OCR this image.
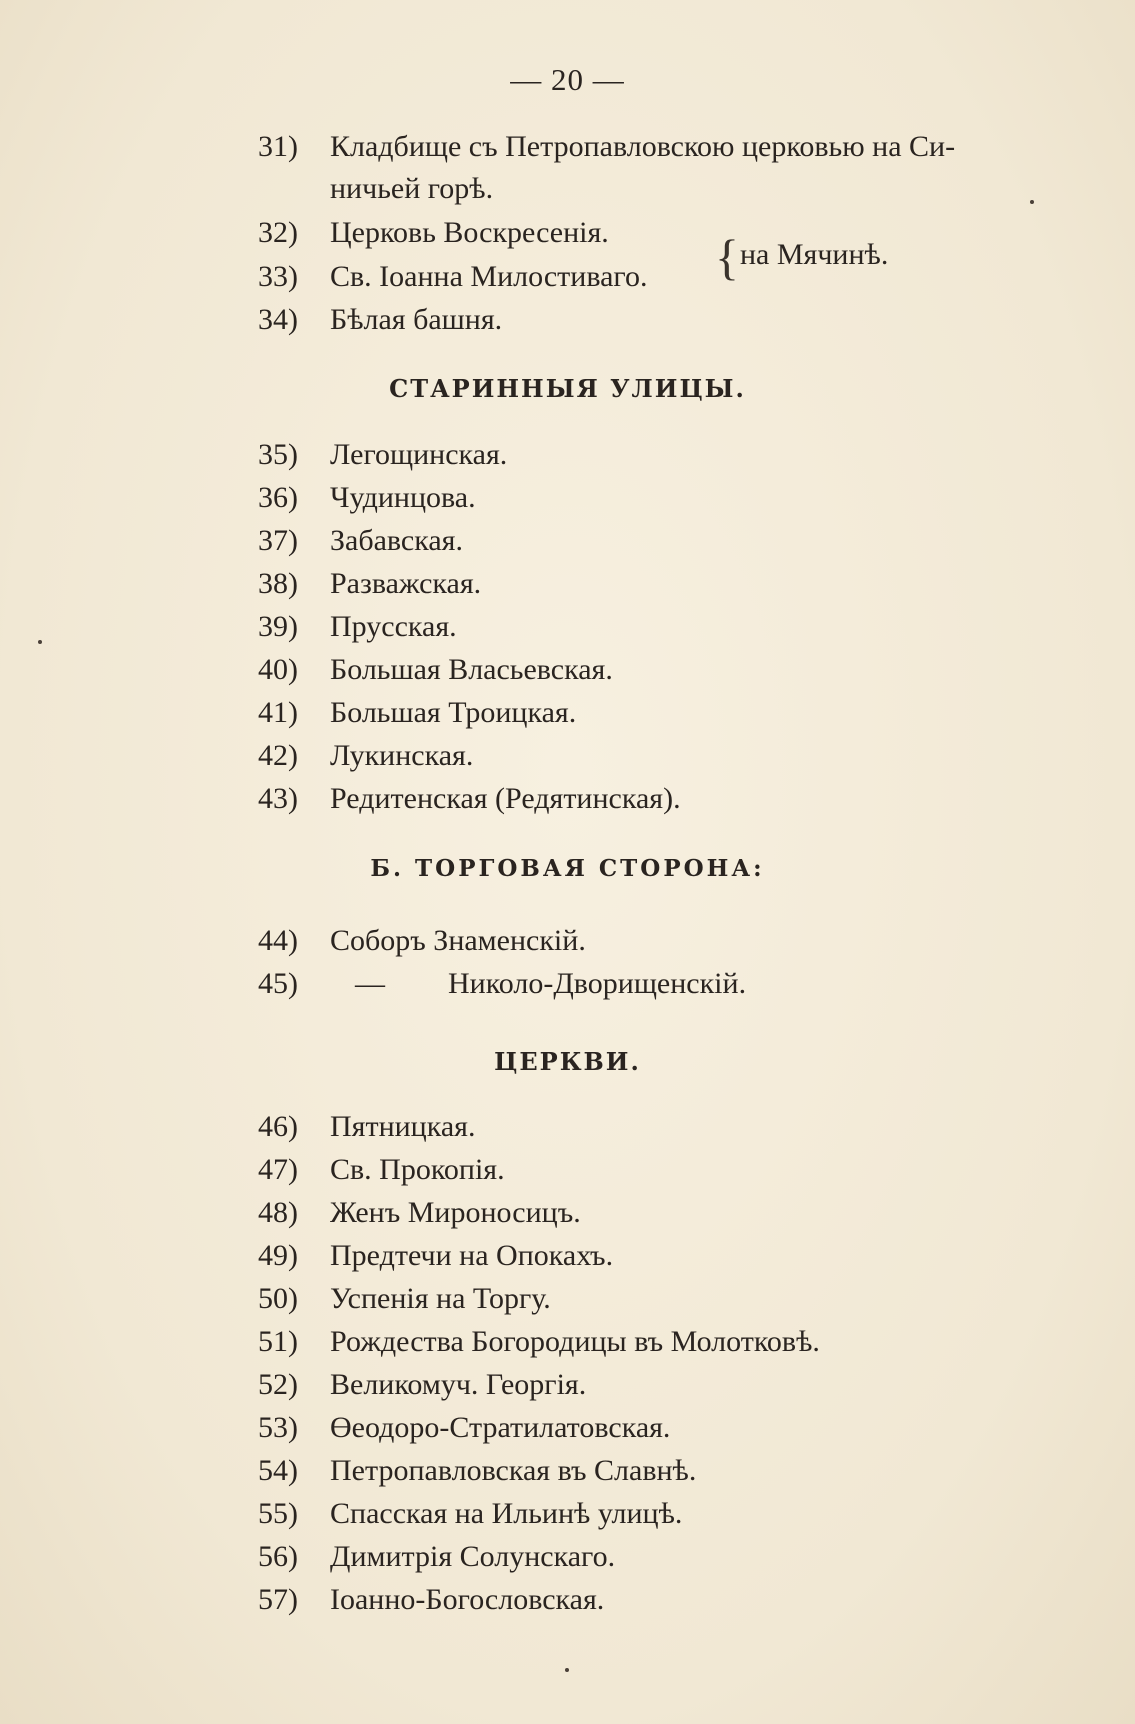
— 20 —
31)	Кладбище съ Петропавловскою церковью на Си-
ничьей горѣ.
32)	Церковь Воскресенія.
33)	Св. Іоанна Милостиваго. { на Мячинѣ.
34)	Бѣлая башня.
СТАРИННЫЯ УЛИЦЫ.
35)	Легощинская.
36)	Чудинцова.
37)	Забавская.
38)	Разважская.
39)	Прусская.
40)	Большая Власьевская.
41)	Большая Троицкая.
42)	Лукинская.
43)	Редитенская (Редятинская).
Б. ТОРГОВАЯ СТОРОНА:
44)	Соборъ Знаменскій.
45)	— Николо-Дворищенскій.
ЦЕРКВИ.
46)	Пятницкая.
47)	Св. Прокопія.
48)	Женъ Мироносицъ.
49)	Предтечи на Опокахъ.
50)	Успенія на Торгу.
51)	Рождества Богородицы въ Молотковѣ.
52)	Великомуч. Георгія.
53)	Өеодоро-Стратилатовская.
54)	Петропавловская въ Славнѣ.
55)	Спасская на Ильинѣ улицѣ.
56)	Димитрія Солунскаго.
57)	Іоанно-Богословская.
